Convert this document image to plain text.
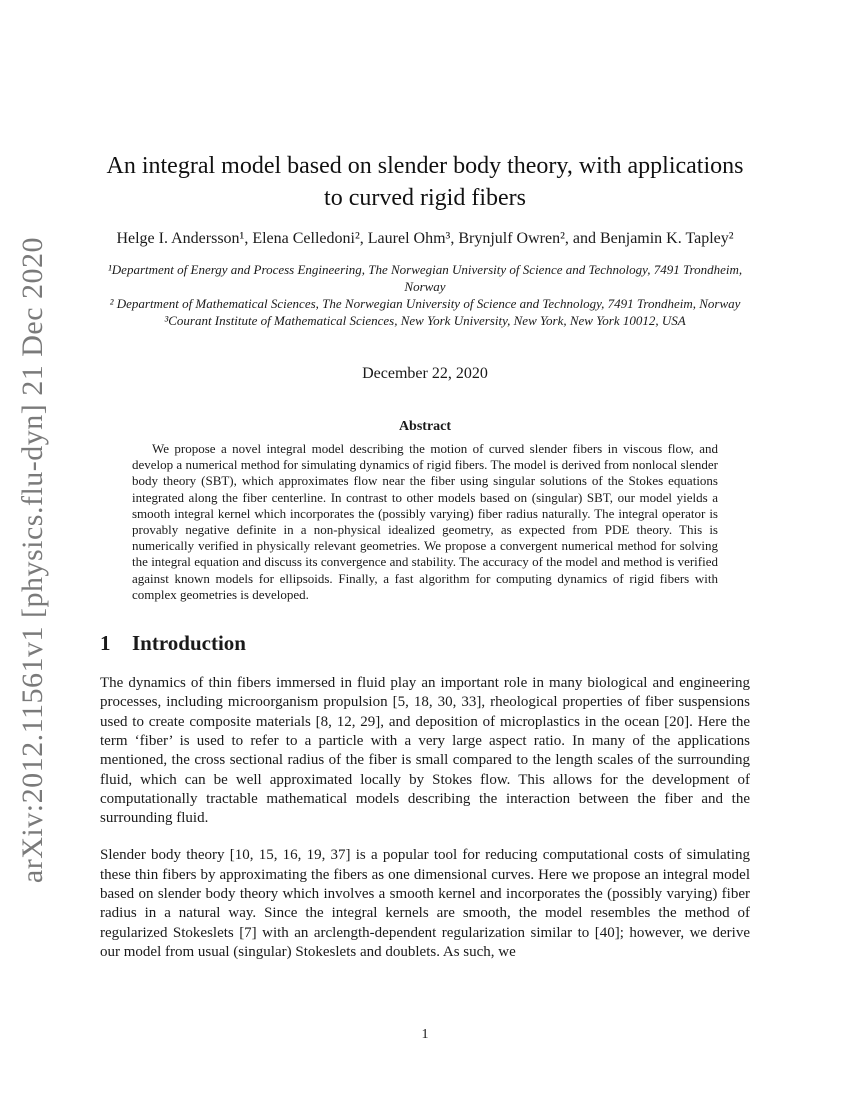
arXiv:2012.11561v1 [physics.flu-dyn] 21 Dec 2020
An integral model based on slender body theory, with applications to curved rigid fibers
Helge I. Andersson¹, Elena Celledoni², Laurel Ohm³, Brynjulf Owren², and Benjamin K. Tapley²

¹Department of Energy and Process Engineering, The Norwegian University of Science and Technology, 7491 Trondheim, Norway

² Department of Mathematical Sciences, The Norwegian University of Science and Technology, 7491 Trondheim, Norway

³Courant Institute of Mathematical Sciences, New York University, New York, New York 10012, USA

December 22, 2020
Abstract

We propose a novel integral model describing the motion of curved slender fibers in viscous flow, and develop a numerical method for simulating dynamics of rigid fibers. The model is derived from nonlocal slender body theory (SBT), which approximates flow near the fiber using singular solutions of the Stokes equations integrated along the fiber centerline. In contrast to other models based on (singular) SBT, our model yields a smooth integral kernel which incorporates the (possibly varying) fiber radius naturally. The integral operator is provably negative definite in a non-physical idealized geometry, as expected from PDE theory. This is numerically verified in physically relevant geometries. We propose a convergent numerical method for solving the integral equation and discuss its convergence and stability. The accuracy of the model and method is verified against known models for ellipsoids. Finally, a fast algorithm for computing dynamics of rigid fibers with complex geometries is developed.

1 Introduction

The dynamics of thin fibers immersed in fluid play an important role in many biological and engineering processes, including microorganism propulsion [5, 18, 30, 33], rheological properties of fiber suspensions used to create composite materials [8, 12, 29], and deposition of microplastics in the ocean [20]. Here the term ‘fiber’ is used to refer to a particle with a very large aspect ratio. In many of the applications mentioned, the cross sectional radius of the fiber is small compared to the length scales of the surrounding fluid, which can be well approximated locally by Stokes flow. This allows for the development of computationally tractable mathematical models describing the interaction between the fiber and the surrounding fluid.

Slender body theory [10, 15, 16, 19, 37] is a popular tool for reducing computational costs of simulating these thin fibers by approximating the fibers as one dimensional curves. Here we propose an integral model based on slender body theory which involves a smooth kernel and incorporates the (possibly varying) fiber radius in a natural way. Since the integral kernels are smooth, the model resembles the method of regularized Stokeslets [7] with an arclength-dependent regularization similar to [40]; however, we derive our model from usual (singular) Stokeslets and doublets. As such, we

1
